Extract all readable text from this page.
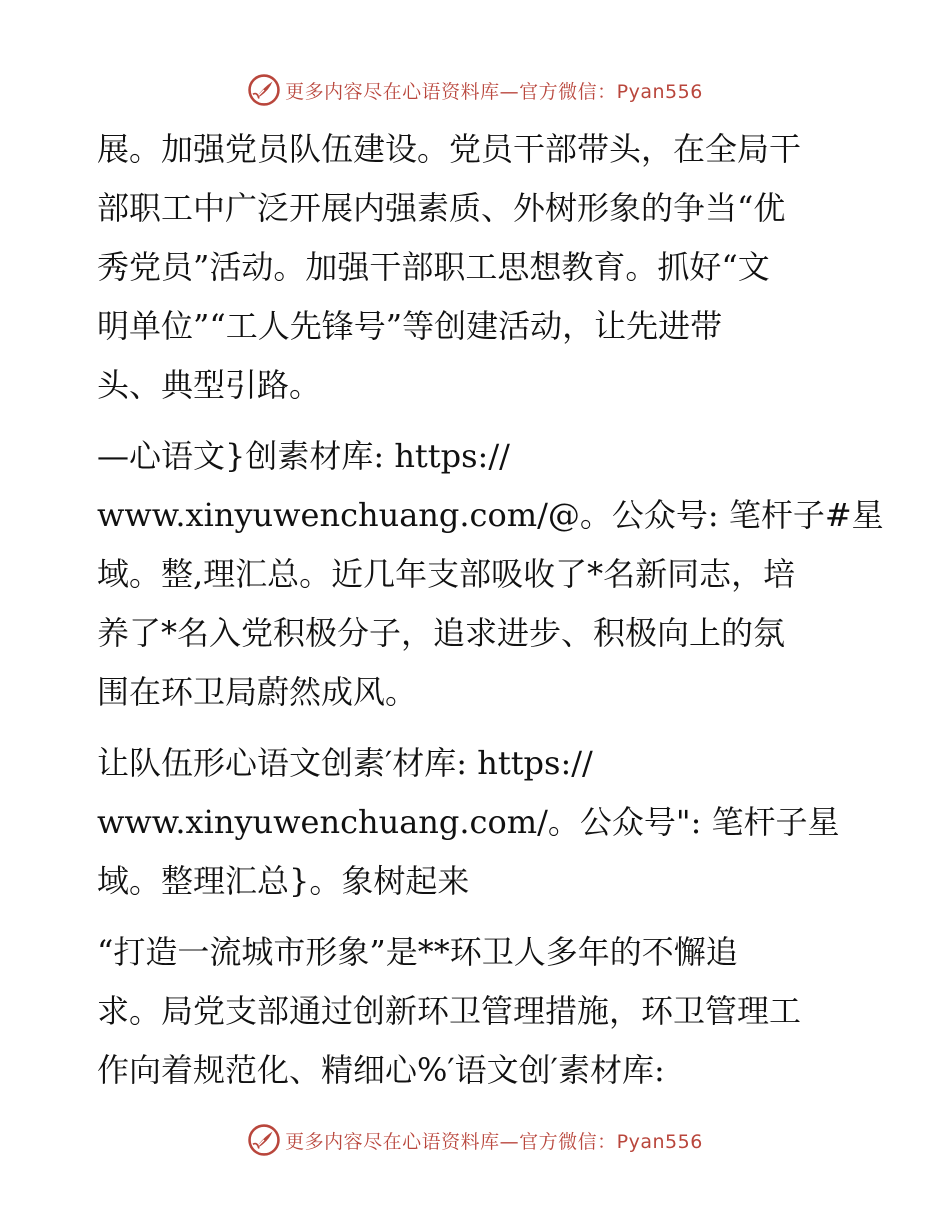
更多内容尽在心语资料库—官方微信：Pyan556

展。加强党员队伍建设。党员干部带头，在全局干
部职工中广泛开展内强素质、外树形象的争当“优
秀党员”活动。加强干部职工思想教育。抓好“文
明单位”“工人先锋号”等创建活动，让先进带
头、典型引路。

—心语文}创素材库: https://
www.xinyuwenchuang.com/@。公众号: 笔杆子#星
域。整,理汇总。近几年支部吸收了*名新同志，培
养了*名入党积极分子，追求进步、积极向上的氛
围在环卫局蔚然成风。

让队伍形心语文创素′材库: https://
www.xinyuwenchuang.com/。公众号": 笔杆子星
域。整理汇总}。象树起来

“打造一流城市形象”是**环卫人多年的不懈追
求。局党支部通过创新环卫管理措施，环卫管理工
作向着规范化、精细心%′语文创′素材库:

更多内容尽在心语资料库—官方微信：Pyan556
